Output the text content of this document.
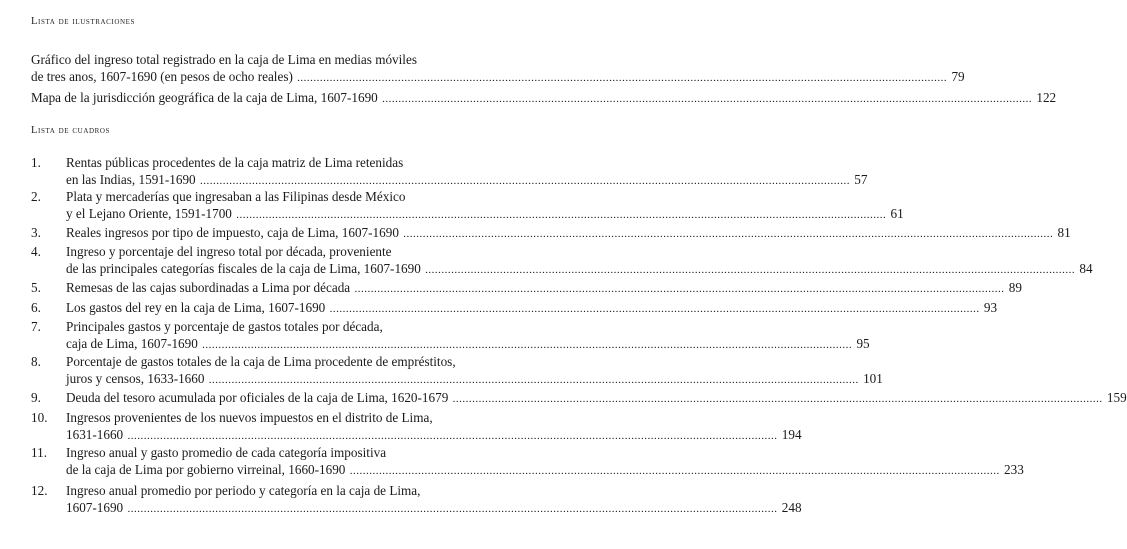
Lista de ilustraciones
Gráfico del ingreso total registrado en la caja de Lima en medias móviles
de tres anos, 1607-1690 (en pesos de ocho reales) .....	79
Mapa de la jurisdicción geográfica de la caja de Lima, 1607-1690 .....	122
Lista de cuadros
1.	Rentas públicas procedentes de la caja matriz de Lima retenidas
en las Indias, 1591-1690 .....	57
2.	Plata y mercaderías que ingresaban a las Filipinas desde México
y el Lejano Oriente, 1591-1700 .....	61
3.	Reales ingresos por tipo de impuesto, caja de Lima, 1607-1690 .....	81
4.	Ingreso y porcentaje del ingreso total por década, proveniente
de las principales categorías fiscales de la caja de Lima, 1607-1690 .....	84
5.	Remesas de las cajas subordinadas a Lima por década .....	89
6.	Los gastos del rey en la caja de Lima, 1607-1690 .....	93
7.	Principales gastos y porcentaje de gastos totales por década,
caja de Lima, 1607-1690 .....	95
8.	Porcentaje de gastos totales de la caja de Lima procedente de empréstitos,
juros y censos, 1633-1660 .....	101
9.	Deuda del tesoro acumulada por oficiales de la caja de Lima, 1620-1679 .....	159
10.	Ingresos provenientes de los nuevos impuestos en el distrito de Lima,
1631-1660 .....	194
11.	Ingreso anual y gasto promedio de cada categoría impositiva
de la caja de Lima por gobierno virreinal, 1660-1690 .....	233
12.	Ingreso anual promedio por periodo y categoría en la caja de Lima,
1607-1690 .....	248
